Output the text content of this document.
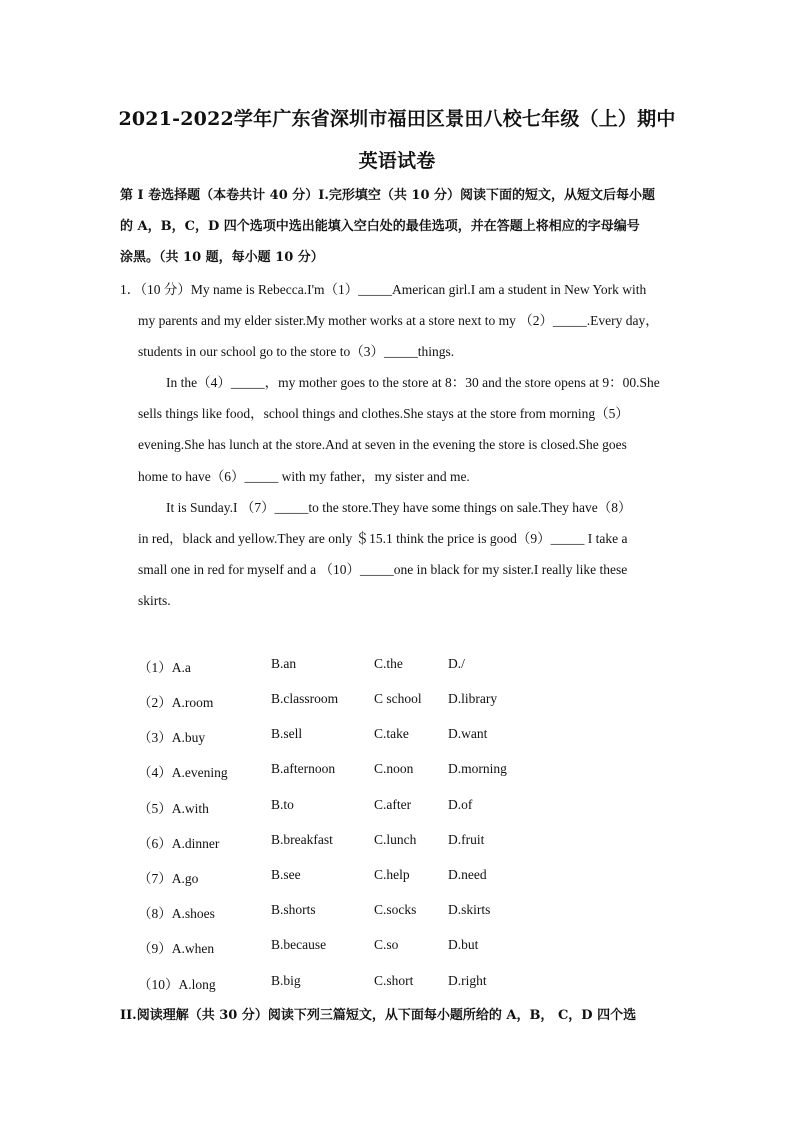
2021-2022学年广东省深圳市福田区景田八校七年级（上）期中
英语试卷
第 I 卷选择题（本卷共计 40 分）I.完形填空（共 10 分）阅读下面的短文，从短文后每小题
的 A，B，C，D 四个选项中选出能填入空白处的最佳选项，并在答题上将相应的字母编号
涂黑。（共 10 题，每小题 10 分）
1．（10 分）My name is Rebecca.I'm（1）_____American girl.I am a student in New York with
my parents and my elder sister.My mother works at a store next to my （2）_____.Every day，
students in our school go to the store to（3）_____things.
In the（4）_____，my mother goes to the store at 8：30 and the store opens at 9：00.She
sells things like food，school things and clothes.She stays at the store from morning（5）
evening.She has lunch at the store.And at seven in the evening the store is closed.She goes
home to have（6）_____ with my father，my sister and me.
It is Sunday.I （7）_____to the store.They have some things on sale.They have（8）
in red，black and yellow.They are only ＄15.1 think the price is good（9）_____ I take a
small one in red for myself and a （10）_____one in black for my sister.I really like these
skirts.
（1）A.a	B.an	C.the	D./
（2）A.room	B.classroom	C school D.library
（3）A.buy	B.sell	C.take	D.want
（4）A.evening	B.afternoon	C.noon	D.morning
（5）A.with	B.to	C.after	D.of
（6）A.dinner	B.breakfast	C.lunch D.fruit
（7）A.go	B.see	C.help	D.need
（8）A.shoes	B.shorts	C.socks D.skirts
（9）A.when	B.because	C.so	D.but
（10）A.long	B.big	C.short	D.right
II.阅读理解（共 30 分）阅读下列三篇短文，从下面每小题所给的 A，B， C，D 四个选
